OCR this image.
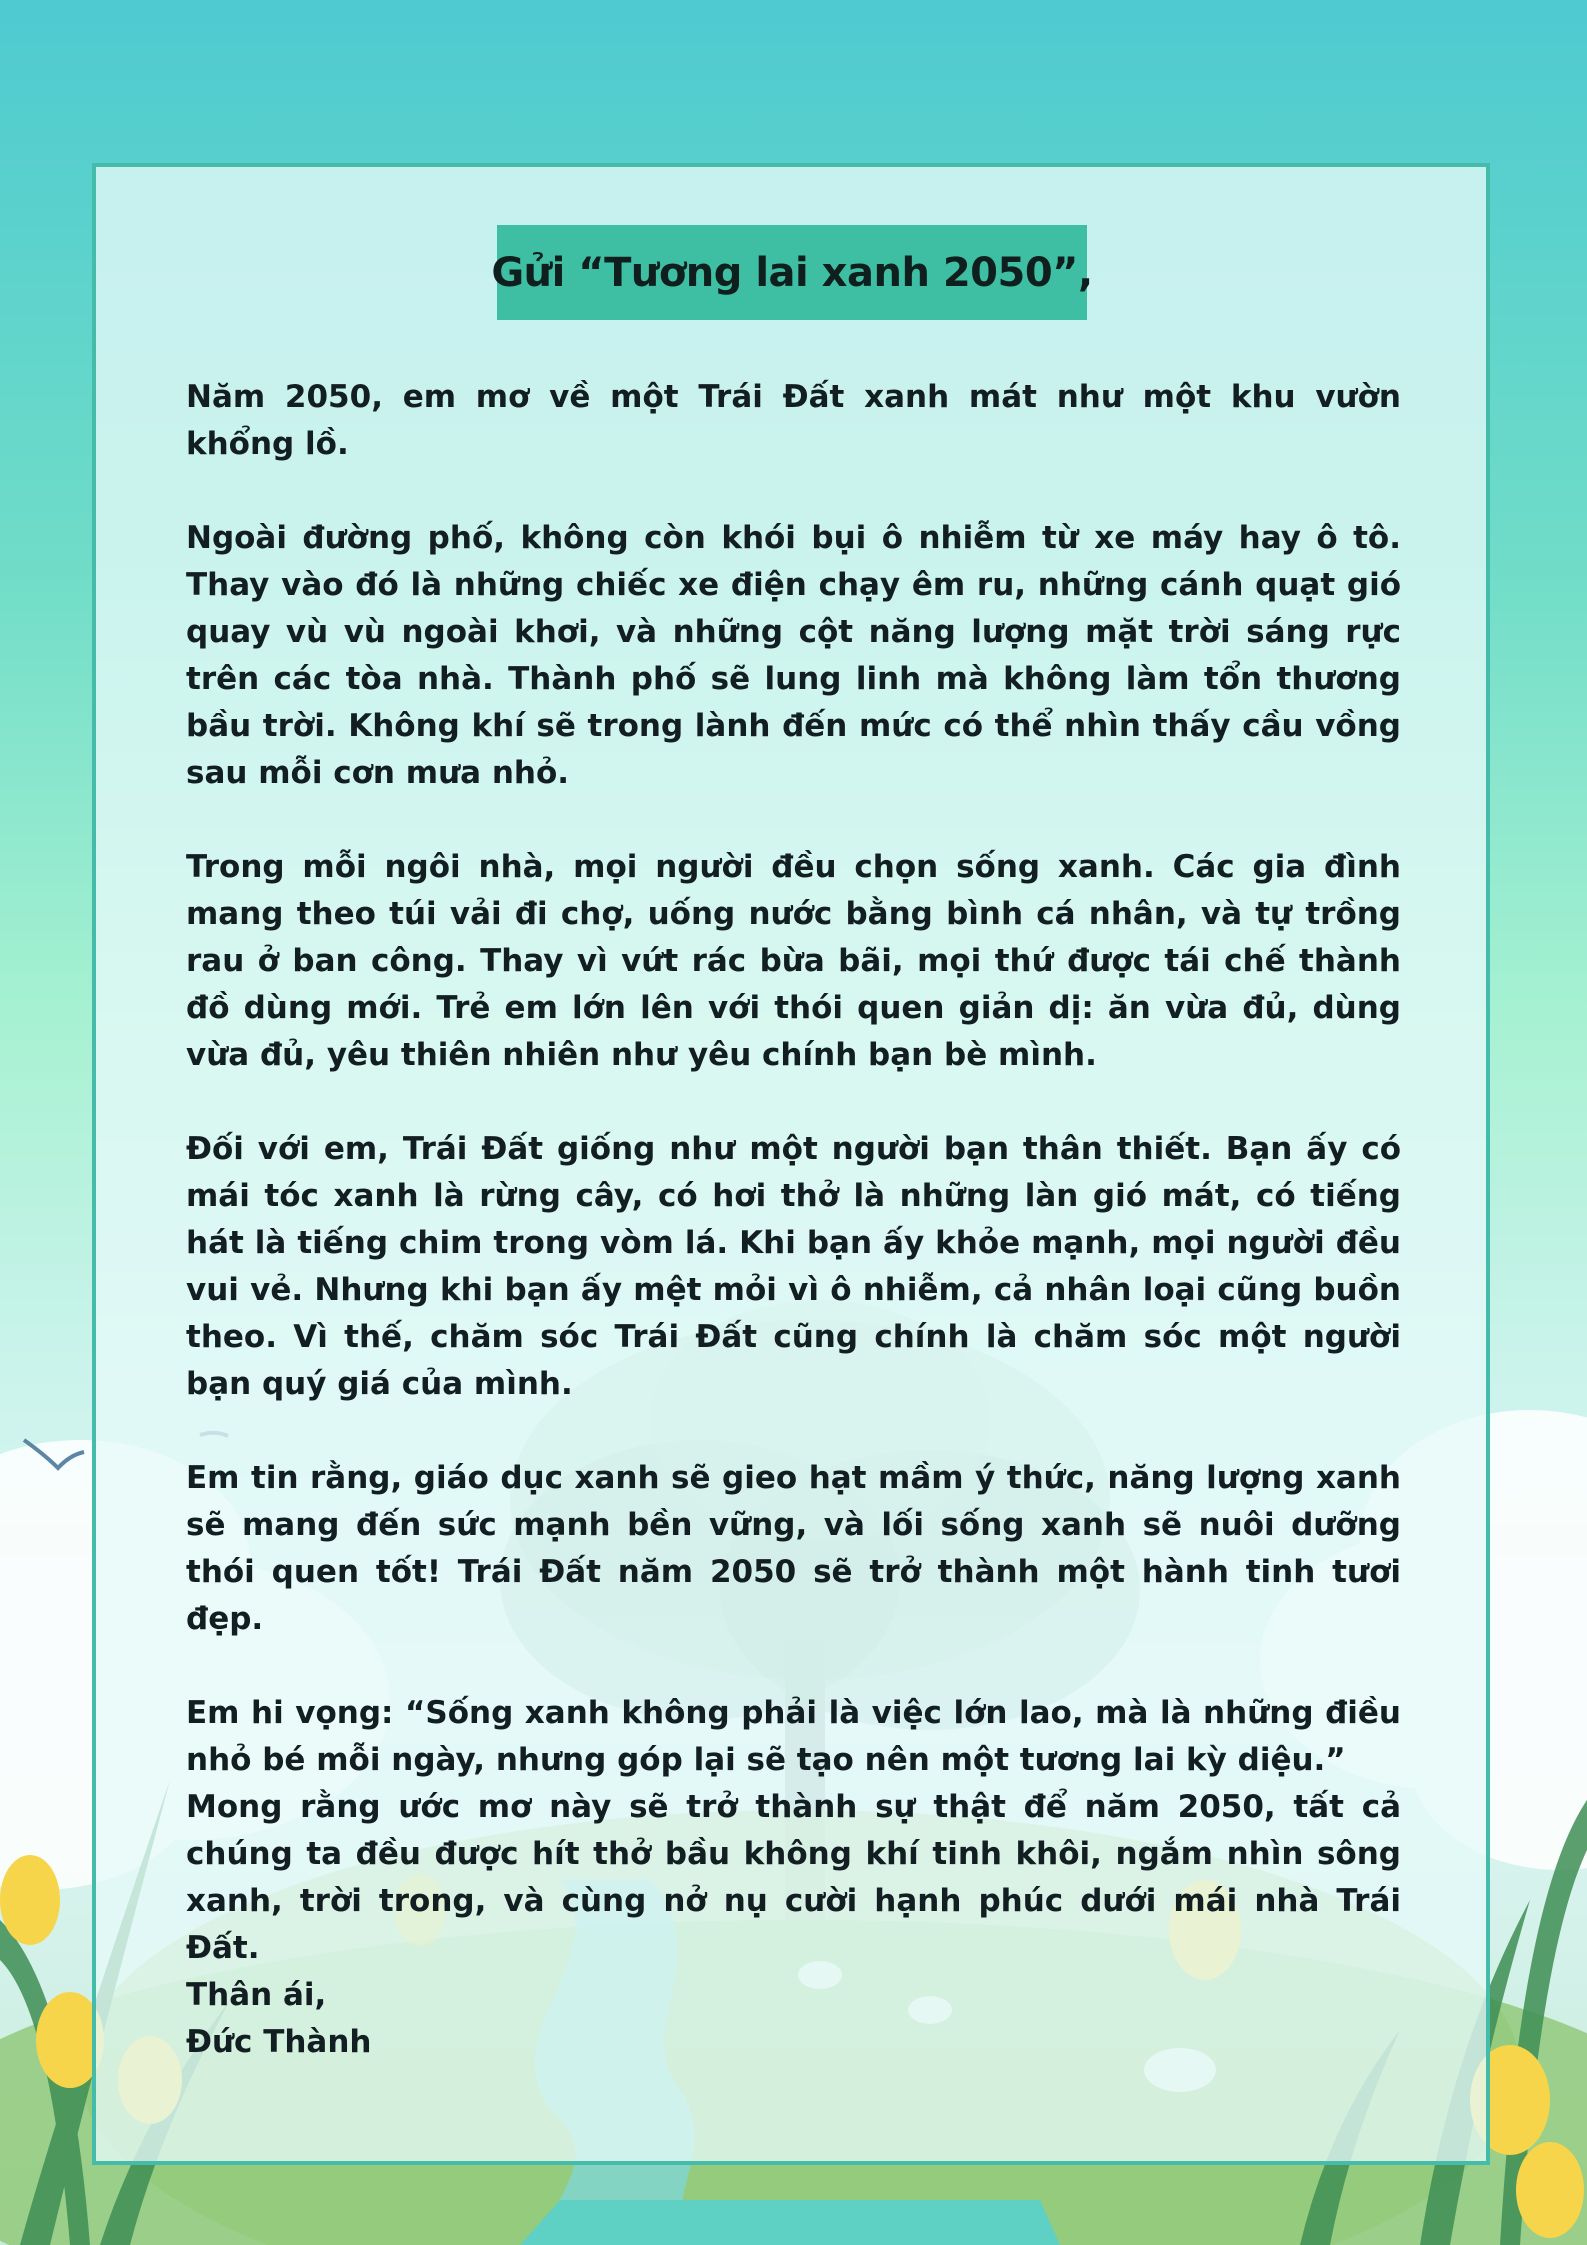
Gửi “Tương lai xanh 2050”,

Năm 2050, em mơ về một Trái Đất xanh mát như một khu vườn khổng lồ.

Ngoài đường phố, không còn khói bụi ô nhiễm từ xe máy hay ô tô. Thay vào đó là những chiếc xe điện chạy êm ru, những cánh quạt gió quay vù vù ngoài khơi, và những cột năng lượng mặt trời sáng rực trên các tòa nhà. Thành phố sẽ lung linh mà không làm tổn thương bầu trời. Không khí sẽ trong lành đến mức có thể nhìn thấy cầu vồng sau mỗi cơn mưa nhỏ.

Trong mỗi ngôi nhà, mọi người đều chọn sống xanh. Các gia đình mang theo túi vải đi chợ, uống nước bằng bình cá nhân, và tự trồng rau ở ban công. Thay vì vứt rác bừa bãi, mọi thứ được tái chế thành đồ dùng mới. Trẻ em lớn lên với thói quen giản dị: ăn vừa đủ, dùng vừa đủ, yêu thiên nhiên như yêu chính bạn bè mình.

Đối với em, Trái Đất giống như một người bạn thân thiết. Bạn ấy có mái tóc xanh là rừng cây, có hơi thở là những làn gió mát, có tiếng hát là tiếng chim trong vòm lá. Khi bạn ấy khỏe mạnh, mọi người đều vui vẻ. Nhưng khi bạn ấy mệt mỏi vì ô nhiễm, cả nhân loại cũng buồn theo. Vì thế, chăm sóc Trái Đất cũng chính là chăm sóc một người bạn quý giá của mình.

Em tin rằng, giáo dục xanh sẽ gieo hạt mầm ý thức, năng lượng xanh sẽ mang đến sức mạnh bền vững, và lối sống xanh sẽ nuôi dưỡng thói quen tốt! Trái Đất năm 2050 sẽ trở thành một hành tinh tươi đẹp.

Em hi vọng: “Sống xanh không phải là việc lớn lao, mà là những điều nhỏ bé mỗi ngày, nhưng góp lại sẽ tạo nên một tương lai kỳ diệu.”

Mong rằng ước mơ này sẽ trở thành sự thật để năm 2050, tất cả chúng ta đều được hít thở bầu không khí tinh khôi, ngắm nhìn sông xanh, trời trong, và cùng nở nụ cười hạnh phúc dưới mái nhà Trái Đất.

Thân ái,
Đức Thành
